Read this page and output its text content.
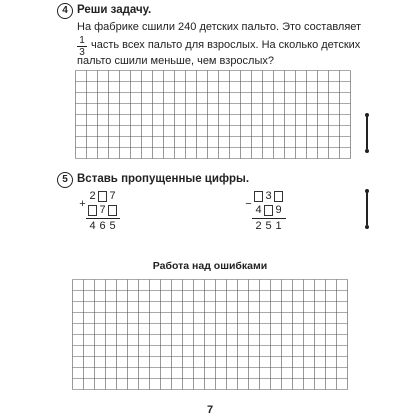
4 Реши задачу.
На фабрике сшили 240 детских пальто. Это составляет
1
3
часть всех пальто для взрослых. На сколько детских
пальто сшили меньше, чем взрослых?
5 Вставь пропущенные цифры.
+
2 7
7
4 6 5
−
3
4 9
2 5 1
Работа над ошибками
7
